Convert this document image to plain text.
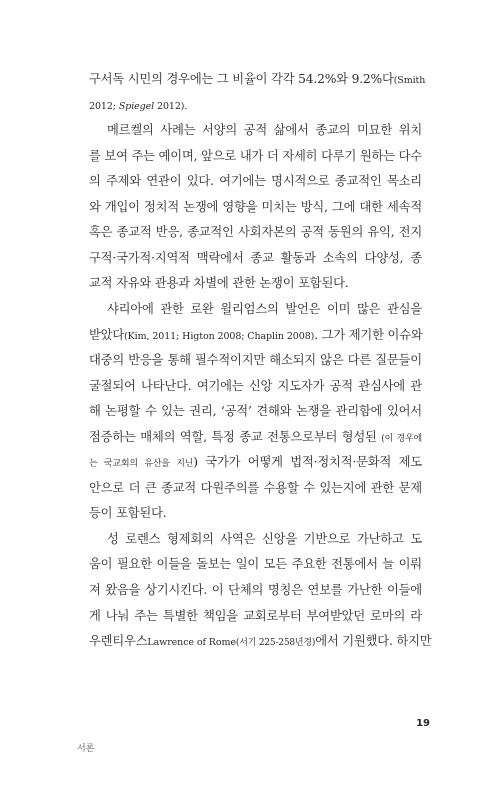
구서독 시민의 경우에는 그 비율이 각각 54.2%와 9.2%다(Smith
2012; Spiegel 2012).
메르켈의 사례는 서양의 공적 삶에서 종교의 미묘한 위치
를 보여 주는 예이며, 앞으로 내가 더 자세히 다루기 원하는 다수
의 주제와 연관이 있다. 여기에는 명시적으로 종교적인 목소리
와 개입이 정치적 논쟁에 영향을 미치는 방식, 그에 대한 세속적
혹은 종교적 반응, 종교적인 사회자본의 공적 동원의 유익, 전지
구적·국가적·지역적 맥락에서 종교 활동과 소속의 다양성, 종
교적 자유와 관용과 차별에 관한 논쟁이 포함된다.
샤리아에 관한 로완 윌리엄스의 발언은 이미 많은 관심을
받았다(Kim, 2011; Higton 2008; Chaplin 2008). 그가 제기한 이슈와
대중의 반응을 통해 필수적이지만 해소되지 않은 다른 질문들이
굴절되어 나타난다. 여기에는 신앙 지도자가 공적 관심사에 관
해 논평할 수 있는 권리, ‘공적’ 견해와 논쟁을 관리함에 있어서
점증하는 매체의 역할, 특정 종교 전통으로부터 형성된 (이 경우에
는 국교회의 유산을 지닌) 국가가 어떻게 법적·정치적·문화적 제도
안으로 더 큰 종교적 다원주의를 수용할 수 있는지에 관한 문제
등이 포함된다.
성 로렌스 형제회의 사역은 신앙을 기반으로 가난하고 도
움이 필요한 이들을 돌보는 일이 모든 주요한 전통에서 늘 이뤄
져 왔음을 상기시킨다. 이 단체의 명칭은 연보를 가난한 이들에
게 나눠 주는 특별한 책임을 교회로부터 부여받았던 로마의 라
우렌티우스Lawrence of Rome(서기 225-258년경)에서 기원했다. 하지만
19
서론
